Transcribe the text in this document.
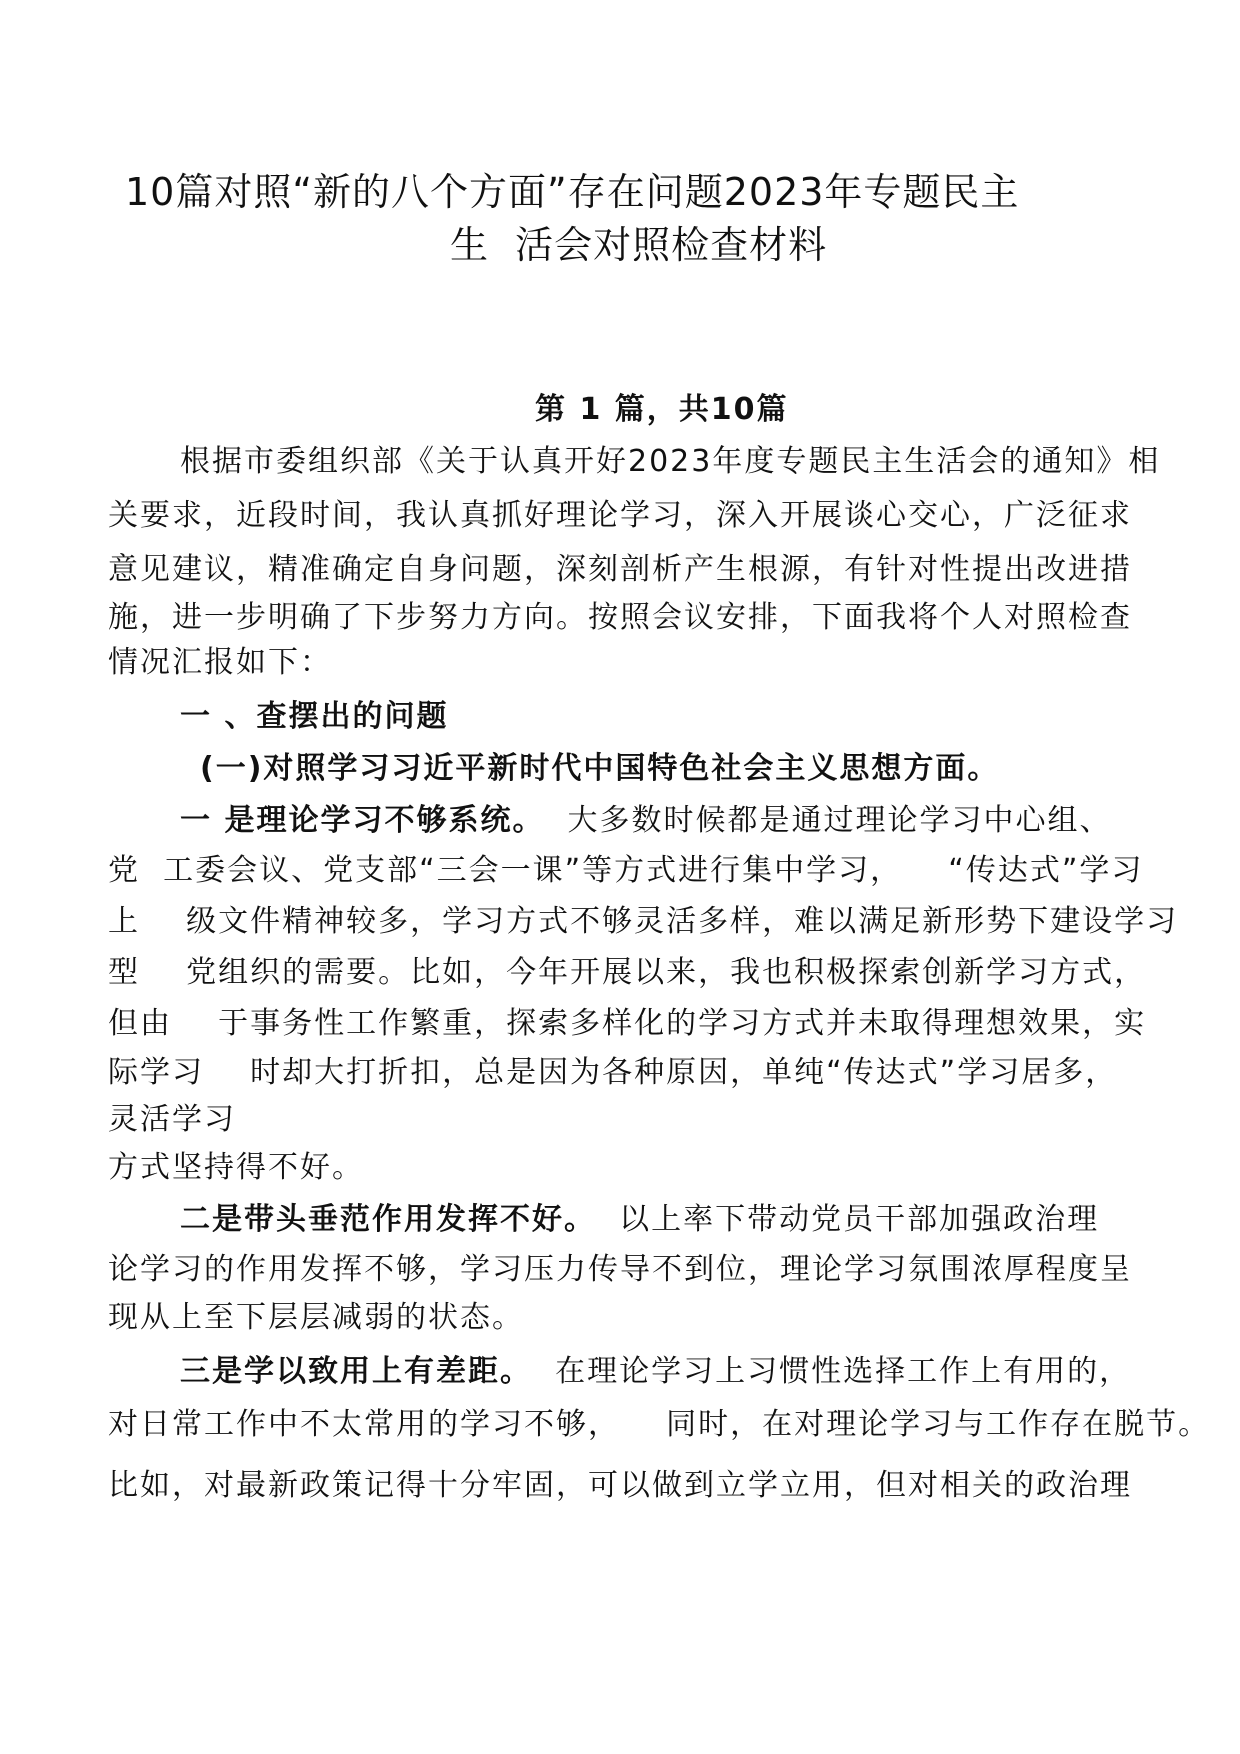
10篇对照“新的八个方面”存在问题2023年专题民主
生  活会对照检查材料
第 1 篇，共10篇
根据市委组织部《关于认真开好2023年度专题民主生活会的通知》相
关要求，近段时间，我认真抓好理论学习，深入开展谈心交心，广泛征求
意见建议，精准确定自身问题，深刻剖析产生根源，有针对性提出改进措
施，进一步明确了下步努力方向。按照会议安排，下面我将个人对照检查
情况汇报如下：
一 、查摆出的问题
(一)对照学习习近平新时代中国特色社会主义思想方面。
一 是理论学习不够系统。  大多数时候都是通过理论学习中心组、
党  工委会议、党支部“三会一课”等方式进行集中学习，    “传达式”学习
上    级文件精神较多，学习方式不够灵活多样，难以满足新形势下建设学习
型    党组织的需要。比如，今年开展以来，我也积极探索创新学习方式，
但由    于事务性工作繁重，探索多样化的学习方式并未取得理想效果，实
际学习    时却大打折扣，总是因为各种原因，单纯“传达式”学习居多，
灵活学习
方式坚持得不好。
二是带头垂范作用发挥不好。  以上率下带动党员干部加强政治理
论学习的作用发挥不够，学习压力传导不到位，理论学习氛围浓厚程度呈
现从上至下层层减弱的状态。
三是学以致用上有差距。  在理论学习上习惯性选择工作上有用的，
对日常工作中不太常用的学习不够，    同时，在对理论学习与工作存在脱节。
比如，对最新政策记得十分牢固，可以做到立学立用，但对相关的政治理
